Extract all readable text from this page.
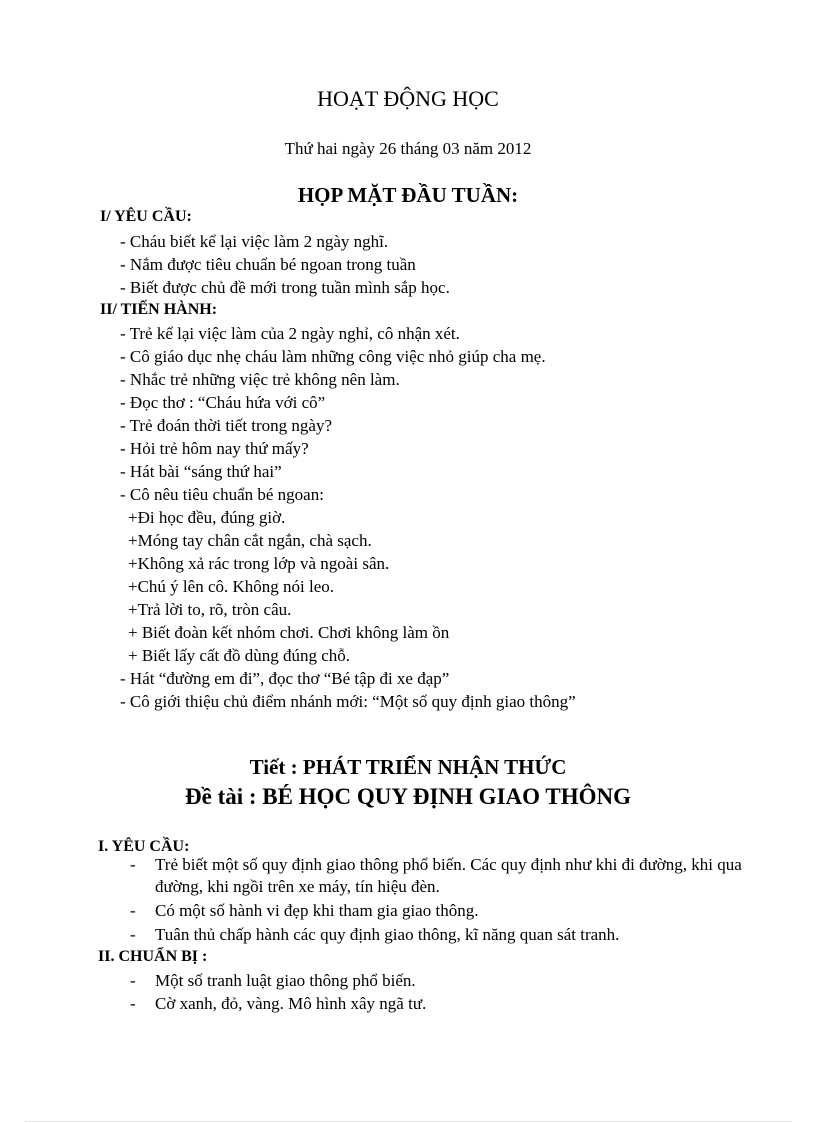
HOẠT ĐỘNG HỌC
Thứ hai ngày 26 tháng 03 năm 2012
HỌP MẶT ĐẦU TUẦN:
I/ YÊU CẦU:
- Cháu biết kể lại việc làm 2 ngày nghĩ.
- Nắm được tiêu chuẩn bé ngoan trong tuần
- Biết được chủ đề mới trong tuần mình sắp học.
II/ TIẾN HÀNH:
- Trẻ kể lại việc làm của 2 ngày nghỉ, cô nhận xét.
- Cô giáo dục nhẹ cháu làm những công việc nhỏ giúp cha mẹ.
- Nhắc trẻ những việc trẻ không nên làm.
- Đọc thơ : “Cháu hứa với cô”
- Trẻ đoán thời tiết trong ngày?
- Hỏi trẻ hôm nay thứ mấy?
- Hát bài “sáng thứ hai”
- Cô nêu tiêu chuẩn bé ngoan:
+Đi học đều, đúng giờ.
+Móng tay chân cắt ngắn, chà sạch.
+Không xả rác trong lớp và ngoài sân.
+Chú ý lên cô. Không nói leo.
+Trả lời to, rõ, tròn câu.
+ Biết đoàn kết nhóm chơi. Chơi không làm ồn
+ Biết lấy cất đồ dùng đúng chỗ.
- Hát “đường em đi”, đọc thơ “Bé tập đi xe đạp”
- Cô giới thiệu chủ điểm nhánh mới: “Một số quy định giao thông”
Tiết : PHÁT TRIỂN NHẬN THỨC
Đề tài : BÉ HỌC QUY ĐỊNH GIAO THÔNG
I. YÊU CẦU:
- Trẻ biết một số quy định giao thông phổ biến. Các quy định như khi đi đường, khi qua đường, khi ngồi trên xe máy, tín hiệu đèn.
- Có một số hành vi đẹp khi tham gia giao thông.
- Tuân thủ chấp hành các quy định giao thông, kĩ năng quan sát tranh.
II. CHUẨN BỊ :
- Một số tranh luật giao thông phổ biến.
- Cờ xanh, đỏ, vàng. Mô hình xây ngã tư.
